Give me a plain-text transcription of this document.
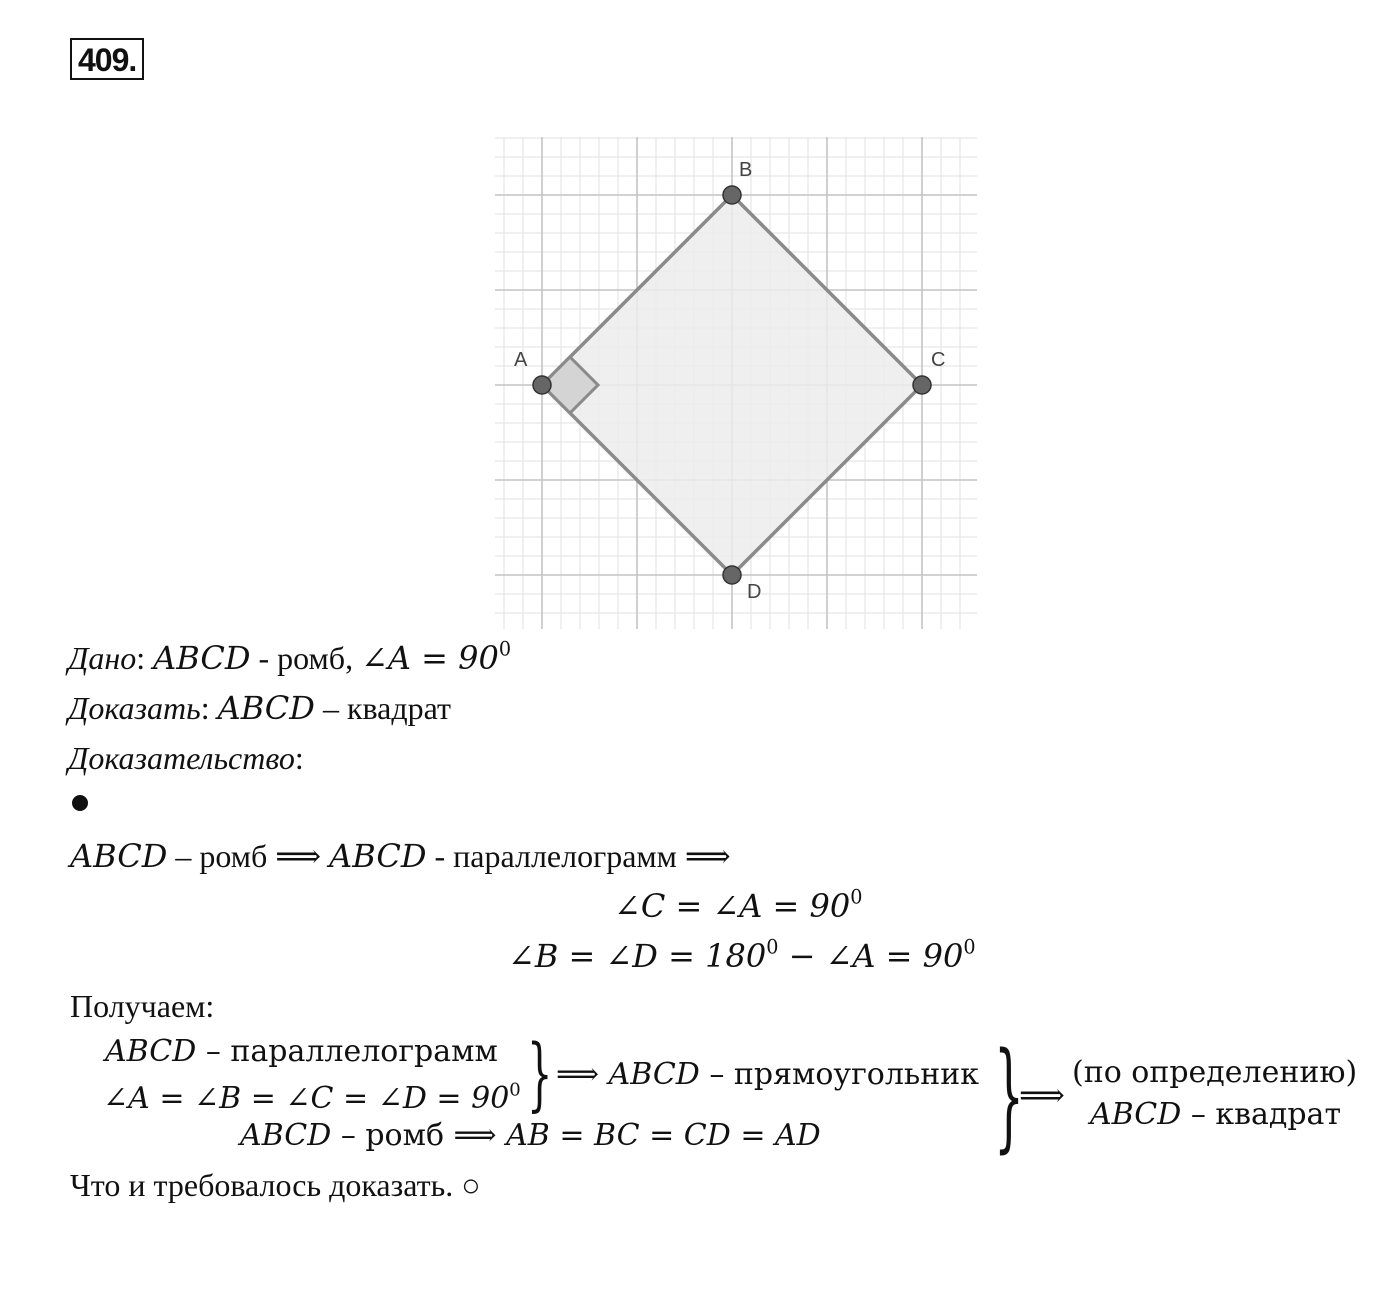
409.
A
B
C
D
Дано: ABCD - ромб, ∠A = $90^0$
Доказать: ABCD – квадрат
Доказательство:
ABCD – ромб ⟹ ABCD - параллелограмм ⟹
∠C = ∠A = $90^0$
∠B = ∠D = $180^0$ − ∠A = $90^0$
Получаем:
ABCD – параллелограмм
∠A = ∠B = ∠C = ∠D = $90^0$ } ⟹ ABCD – прямоугольник
ABCD – ромб ⟹ AB = BC = CD = AD }
⟹
(по определению)
ABCD – квадрат
Что и требовалось доказать. ○
